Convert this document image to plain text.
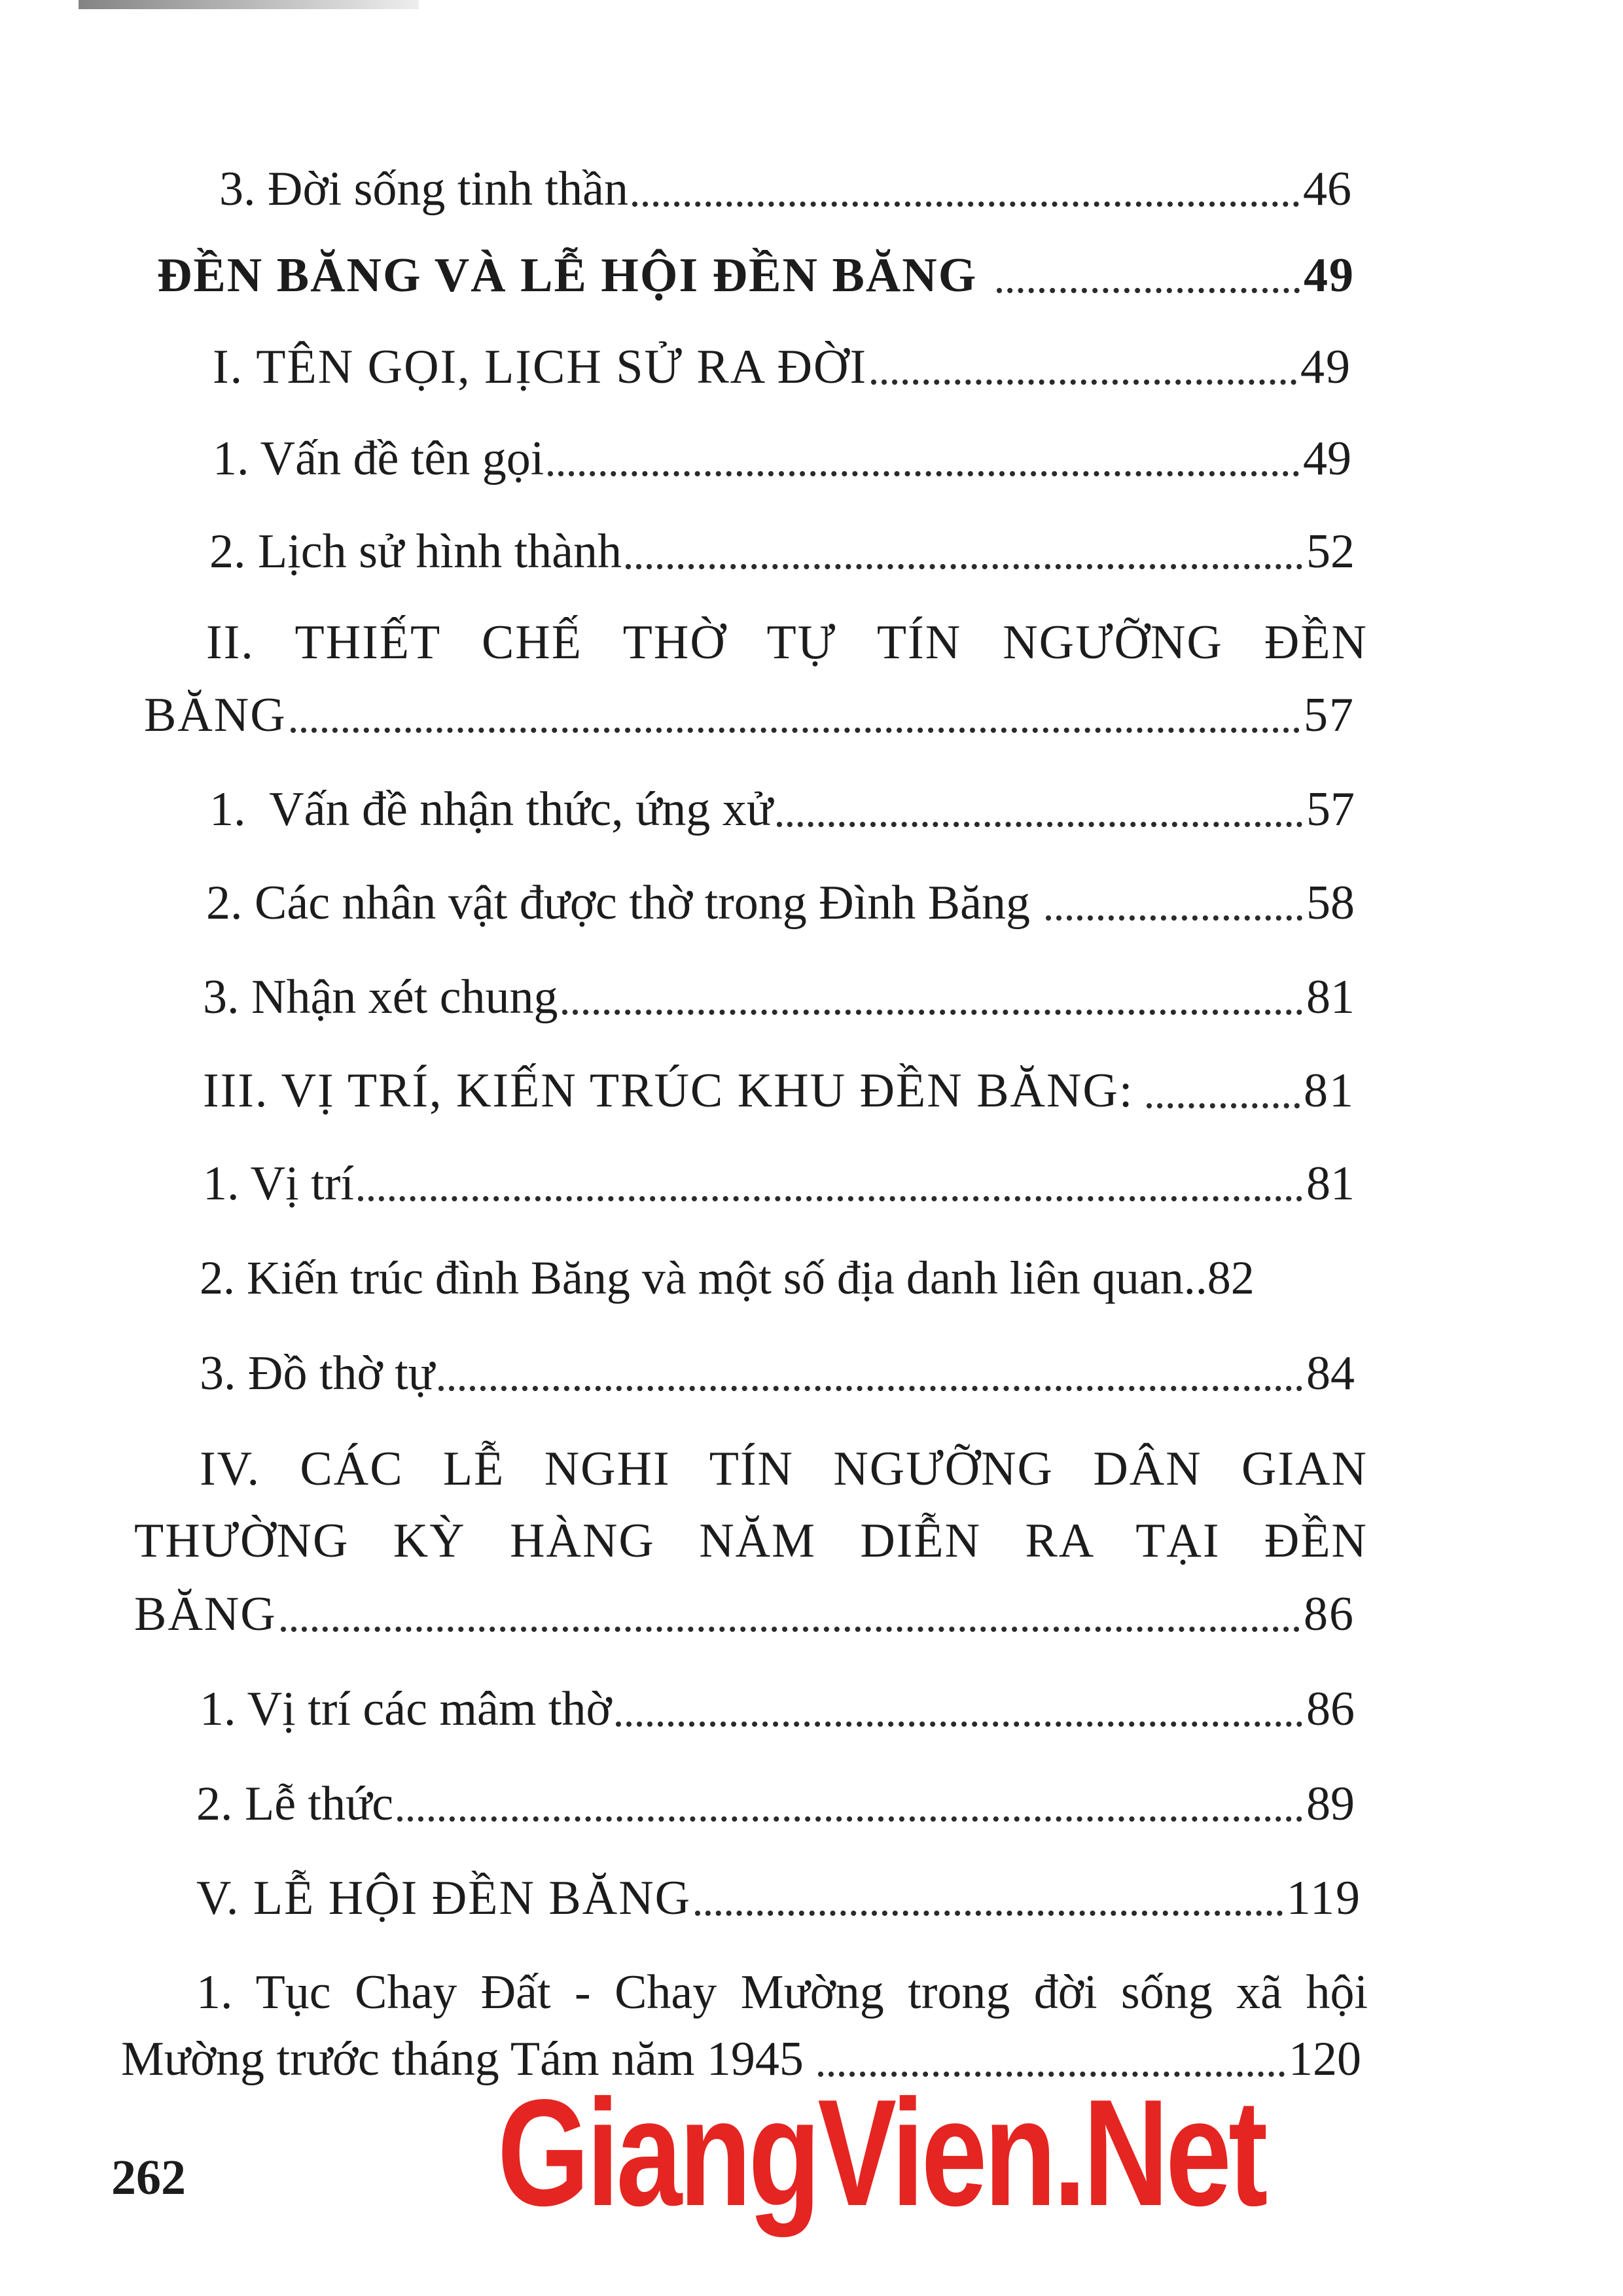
3. Đời sống tinh thần	46
ĐỀN BĂNG VÀ LỄ HỘI ĐỀN BĂNG	49
I. TÊN GỌI, LỊCH SỬ RA ĐỜI	49
1. Vấn đề tên gọi	49
2. Lịch sử hình thành	52
II. THIẾT CHẾ THỜ TỰ TÍN NGƯỠNG ĐỀN
BĂNG	57
1.  Vấn đề nhận thức, ứng xử	57
2. Các nhân vật được thờ trong Đình Băng	58
3. Nhận xét chung	81
III. VỊ TRÍ, KIẾN TRÚC KHU ĐỀN BĂNG:	81
1. Vị trí	81
2. Kiến trúc đình Băng và một số địa danh liên quan.. 82
3. Đồ thờ tự	84
IV. CÁC LỄ NGHI TÍN NGƯỠNG DÂN GIAN
THƯỜNG KỲ HÀNG NĂM DIỄN RA TẠI ĐỀN
BĂNG	86
1. Vị trí các mâm thờ	86
2. Lễ thức	89
V. LỄ HỘI ĐỀN BĂNG	119
1. Tục Chay Đất - Chay Mường trong đời sống xã hội
Mường trước tháng Tám năm 1945	120
262 GiangVien.Net
